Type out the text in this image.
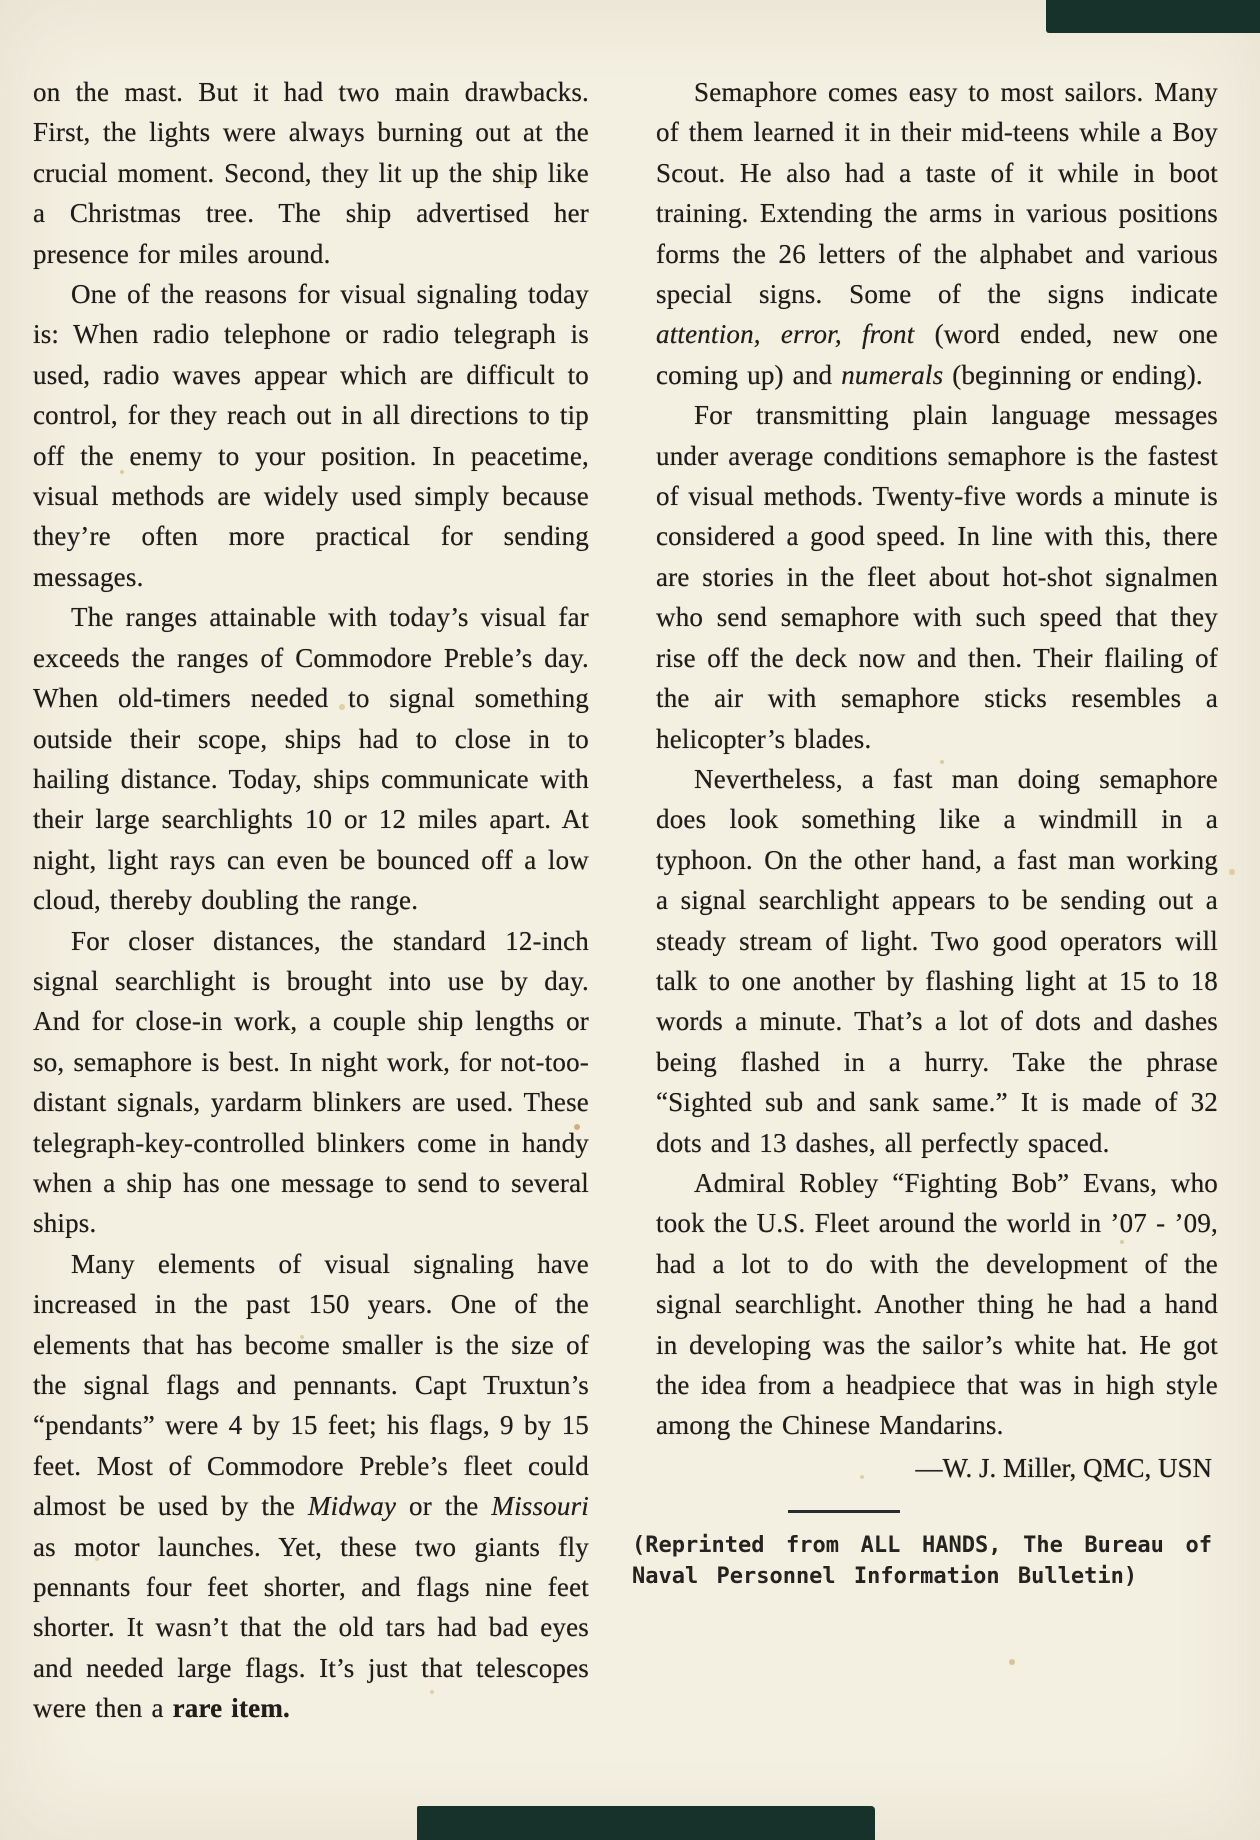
on the mast. But it had two main drawbacks. First, the lights were always burning out at the crucial moment. Second, they lit up the ship like a Christmas tree. The ship advertised her presence for miles around.

One of the reasons for visual signaling today is: When radio telephone or radio telegraph is used, radio waves appear which are difficult to control, for they reach out in all directions to tip off the enemy to your position. In peacetime, visual methods are widely used simply because they’re often more practical for sending messages.

The ranges attainable with today’s visual far exceeds the ranges of Commodore Preble’s day. When old-timers needed to signal something outside their scope, ships had to close in to hailing distance. Today, ships communicate with their large searchlights 10 or 12 miles apart. At night, light rays can even be bounced off a low cloud, thereby doubling the range.

For closer distances, the standard 12-inch signal searchlight is brought into use by day. And for close-in work, a couple ship lengths or so, semaphore is best. In night work, for not-too-distant signals, yardarm blinkers are used. These telegraph-key-controlled blinkers come in handy when a ship has one message to send to several ships.

Many elements of visual signaling have increased in the past 150 years. One of the elements that has become smaller is the size of the signal flags and pennants. Capt Truxtun’s “pendants” were 4 by 15 feet; his flags, 9 by 15 feet. Most of Commodore Preble’s fleet could almost be used by the Midway or the Missouri as motor launches. Yet, these two giants fly pennants four feet shorter, and flags nine feet shorter. It wasn’t that the old tars had bad eyes and needed large flags. It’s just that telescopes were then a rare item.

Semaphore comes easy to most sailors. Many of them learned it in their mid-teens while a Boy Scout. He also had a taste of it while in boot training. Extending the arms in various positions forms the 26 letters of the alphabet and various special signs. Some of the signs indicate attention, error, front (word ended, new one coming up) and numerals (beginning or ending).

For transmitting plain language messages under average conditions semaphore is the fastest of visual methods. Twenty-five words a minute is considered a good speed. In line with this, there are stories in the fleet about hot-shot signalmen who send semaphore with such speed that they rise off the deck now and then. Their flailing of the air with semaphore sticks resembles a helicopter’s blades.

Nevertheless, a fast man doing semaphore does look something like a windmill in a typhoon. On the other hand, a fast man working a signal searchlight appears to be sending out a steady stream of light. Two good operators will talk to one another by flashing light at 15 to 18 words a minute. That’s a lot of dots and dashes being flashed in a hurry. Take the phrase “Sighted sub and sank same.” It is made of 32 dots and 13 dashes, all perfectly spaced.

Admiral Robley “Fighting Bob” Evans, who took the U.S. Fleet around the world in ’07 - ’09, had a lot to do with the development of the signal searchlight. Another thing he had a hand in developing was the sailor’s white hat. He got the idea from a headpiece that was in high style among the Chinese Mandarins.

—W. J. Miller, QMC, USN

(Reprinted from ALL HANDS, The Bureau of Naval Personnel Information Bulletin)
